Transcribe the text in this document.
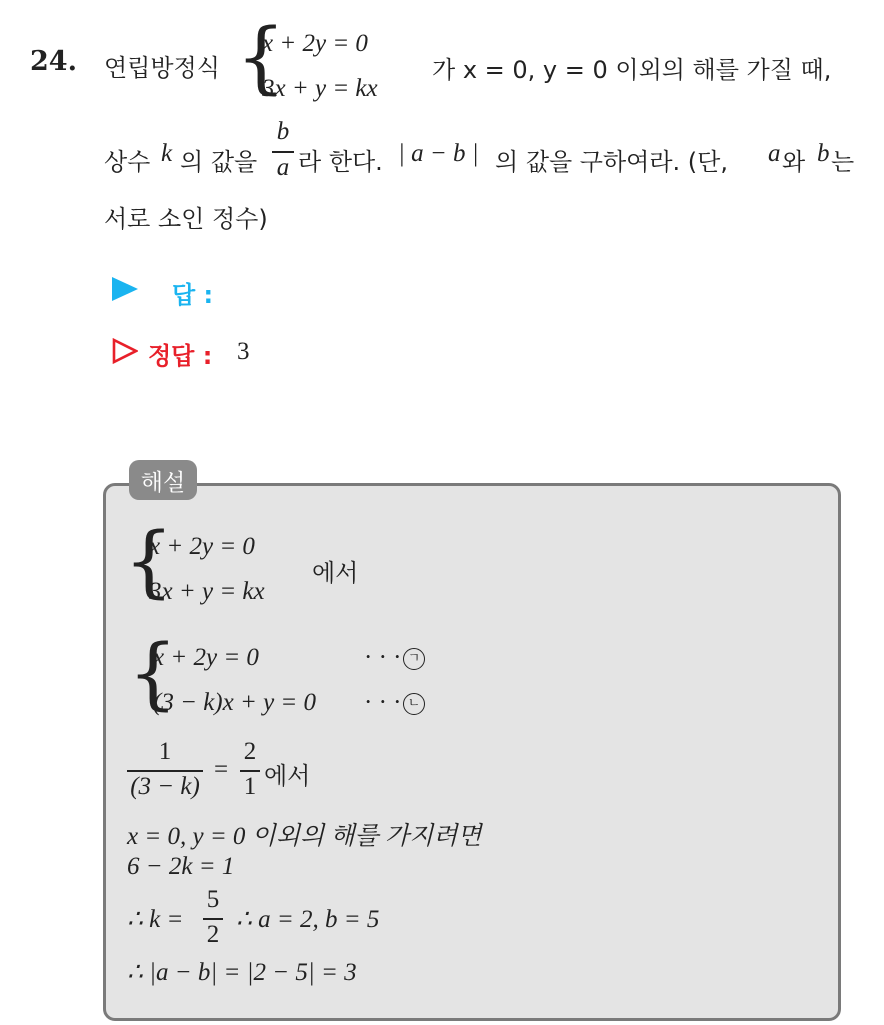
24. 연립방정식 {
x + 2y = 0
3x + y = kx
가 x = 0, y = 0 이외의 해를 가질 때,
상수 k 의 값을
b
a 라 한다. | a − b | 의 값을 구하여라. (단, a 와 b 는
서로 소인 정수)
답 :
정답 : 3
해설
{
x + 2y = 0
3x + y = kx
에서
{
x + 2y = 0
(3 − k)x + y = 0
· · ·
· · ·
ㄱ
ㄴ
1
(3 − k)
=
2
1 에서
x = 0, y = 0 이외의 해를 가지려면
6 − 2k = 1
∴ k =
5
2
∴ a = 2, b = 5
∴ |a − b| = |2 − 5| = 3
